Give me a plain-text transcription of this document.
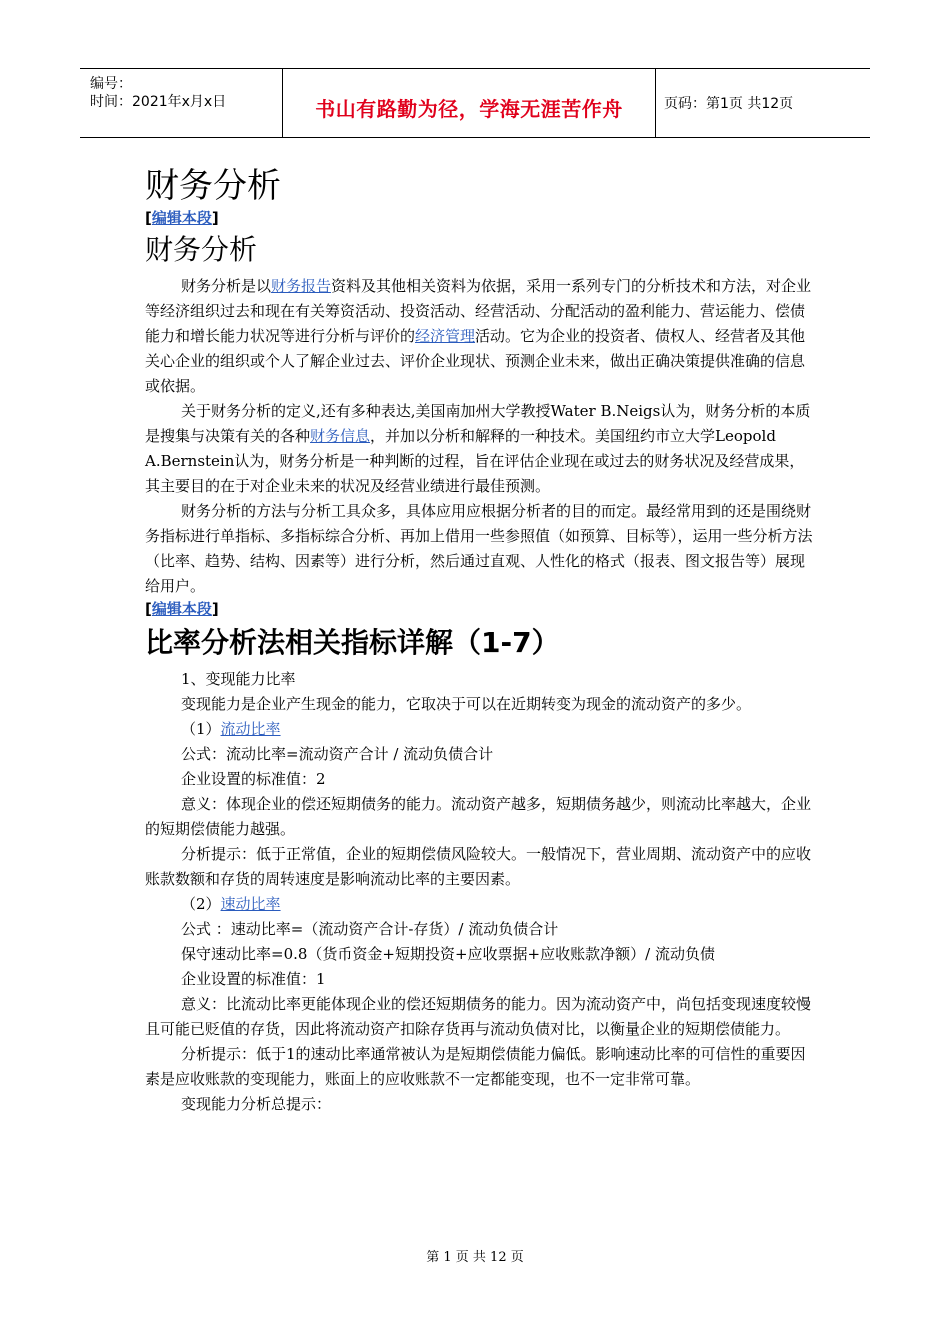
编号：
时间：2021年x月x日	书山有路勤为径，学海无涯苦作舟	页码：第1页 共12页
财务分析
[编辑本段]
财务分析

财务分析是以财务报告资料及其他相关资料为依据，采用一系列专门的分析技术和方法，对企业等经济组织过去和现在有关筹资活动、投资活动、经营活动、分配活动的盈利能力、营运能力、偿债能力和增长能力状况等进行分析与评价的经济管理活动。它为企业的投资者、债权人、经营者及其他关心企业的组织或个人了解企业过去、评价企业现状、预测企业未来，做出正确决策提供准确的信息或依据。

关于财务分析的定义,还有多种表达,美国南加州大学教授Water B.Neigs认为，财务分析的本质是搜集与决策有关的各种财务信息，并加以分析和解释的一种技术。美国纽约市立大学Leopold A.Bernstein认为，财务分析是一种判断的过程，旨在评估企业现在或过去的财务状况及经营成果，其主要目的在于对企业未来的状况及经营业绩进行最佳预测。

财务分析的方法与分析工具众多，具体应用应根据分析者的目的而定。最经常用到的还是围绕财务指标进行单指标、多指标综合分析、再加上借用一些参照值（如预算、目标等），运用一些分析方法（比率、趋势、结构、因素等）进行分析，然后通过直观、人性化的格式（报表、图文报告等）展现给用户。

[编辑本段]
比率分析法相关指标详解（1-7）

1、变现能力比率

变现能力是企业产生现金的能力，它取决于可以在近期转变为现金的流动资产的多少。

（1）流动比率

公式：流动比率=流动资产合计 / 流动负债合计

企业设置的标准值：2

意义：体现企业的偿还短期债务的能力。流动资产越多，短期债务越少，则流动比率越大，企业的短期偿债能力越强。

分析提示：低于正常值，企业的短期偿债风险较大。一般情况下，营业周期、流动资产中的应收账款数额和存货的周转速度是影响流动比率的主要因素。

（2）速动比率

公式 ：速动比率=（流动资产合计-存货）/ 流动负债合计

保守速动比率=0.8（货币资金+短期投资+应收票据+应收账款净额）/ 流动负债

企业设置的标准值：1

意义：比流动比率更能体现企业的偿还短期债务的能力。因为流动资产中，尚包括变现速度较慢且可能已贬值的存货，因此将流动资产扣除存货再与流动负债对比，以衡量企业的短期偿债能力。

分析提示：低于1的速动比率通常被认为是短期偿债能力偏低。影响速动比率的可信性的重要因素是应收账款的变现能力，账面上的应收账款不一定都能变现，也不一定非常可靠。

变现能力分析总提示：

第 1 页 共 12 页
